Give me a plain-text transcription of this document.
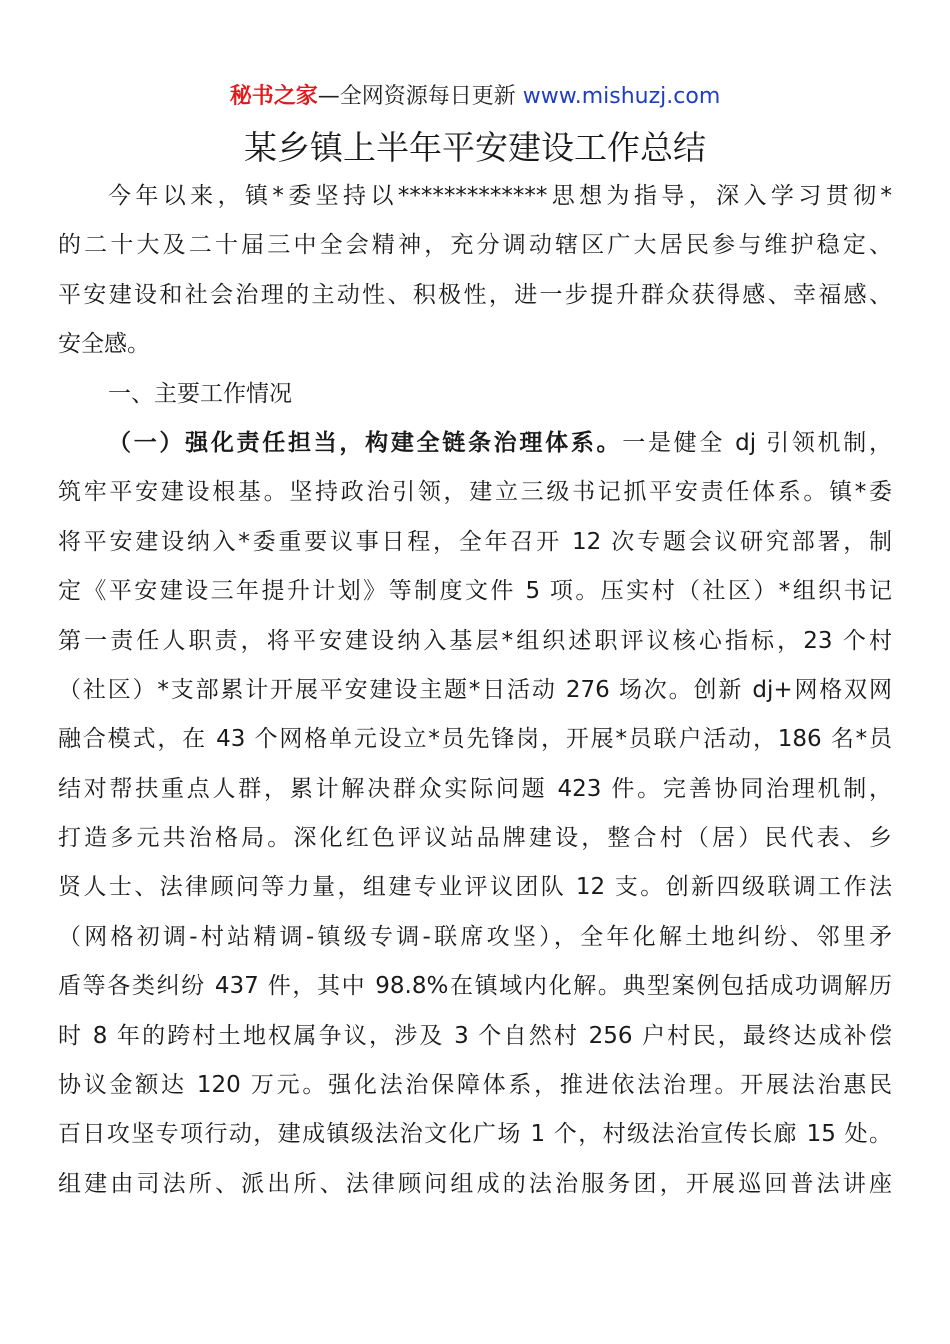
秘书之家—全网资源每日更新 www.mishuzj.com
某乡镇上半年平安建设工作总结
今年以来，镇*委坚持以*************思想为指导，深入学习贯彻*
的二十大及二十届三中全会精神，充分调动辖区广大居民参与维护稳定、
平安建设和社会治理的主动性、积极性，进一步提升群众获得感、幸福感、
安全感。
一、主要工作情况
（一）强化责任担当，构建全链条治理体系。一是健全 dj 引领机制，
筑牢平安建设根基。坚持政治引领，建立三级书记抓平安责任体系。镇*委
将平安建设纳入*委重要议事日程，全年召开 12 次专题会议研究部署，制
定《平安建设三年提升计划》等制度文件 5 项。压实村（社区）*组织书记
第一责任人职责，将平安建设纳入基层*组织述职评议核心指标，23 个村
（社区）*支部累计开展平安建设主题*日活动 276 场次。创新 dj+网格双网
融合模式，在 43 个网格单元设立*员先锋岗，开展*员联户活动，186 名*员
结对帮扶重点人群，累计解决群众实际问题 423 件。完善协同治理机制，
打造多元共治格局。深化红色评议站品牌建设，整合村（居）民代表、乡
贤人士、法律顾问等力量，组建专业评议团队 12 支。创新四级联调工作法
（网格初调-村站精调-镇级专调-联席攻坚），全年化解土地纠纷、邻里矛
盾等各类纠纷 437 件，其中 98.8%在镇域内化解。典型案例包括成功调解历
时 8 年的跨村土地权属争议，涉及 3 个自然村 256 户村民，最终达成补偿
协议金额达 120 万元。强化法治保障体系，推进依法治理。开展法治惠民
百日攻坚专项行动，建成镇级法治文化广场 1 个，村级法治宣传长廊 15 处。
组建由司法所、派出所、法律顾问组成的法治服务团，开展巡回普法讲座
